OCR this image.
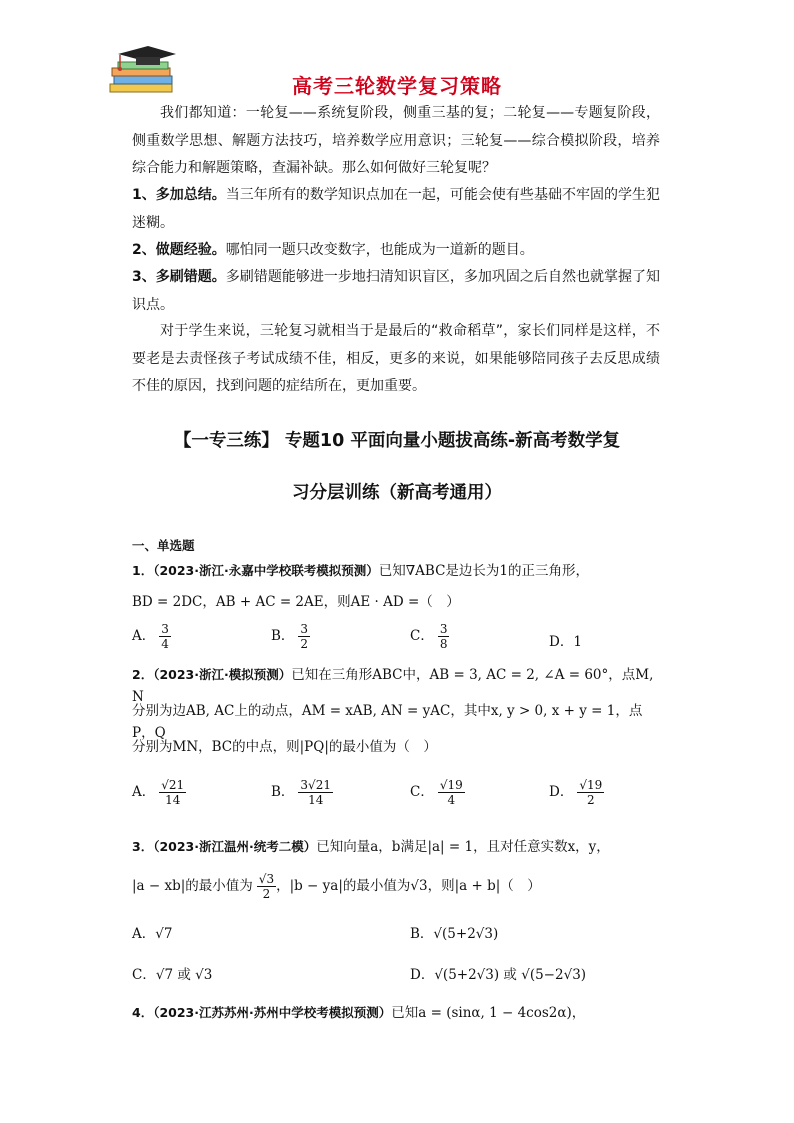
高考三轮数学复习策略
我们都知道：一轮复——系统复阶段，侧重三基的复；二轮复——专题复阶段，侧重数学思想、解题方法技巧，培养数学应用意识；三轮复——综合模拟阶段，培养综合能力和解题策略，查漏补缺。那么如何做好三轮复呢？
1、多加总结。当三年所有的数学知识点加在一起，可能会使有些基础不牢固的学生犯迷糊。
2、做题经验。哪怕同一题只改变数字，也能成为一道新的题目。
3、多刷错题。多刷错题能够进一步地扫清知识盲区，多加巩固之后自然也就掌握了知识点。
对于学生来说，三轮复习就相当于是最后的“救命稻草”，家长们同样是这样，不要老是去责怪孩子考试成绩不佳，相反，更多的来说，如果能够陪同孩子去反思成绩不佳的原因，找到问题的症结所在，更加重要。
【一专三练】 专题10 平面向量小题拔高练-新高考数学复
习分层训练（新高考通用）
一、单选题
1．（2023·浙江·永嘉中学校联考模拟预测）已知∇ABC是边长为1的正三角形，
BD = 2DC，AB + AC = 2AE，则AE · AD =（　）
A． $\frac{3}{4}$	B． $\frac{3}{2}$	C． $\frac{3}{8}$	D．1
2．（2023·浙江·模拟预测）已知在三角形ABC中，AB = 3, AC = 2, ∠A = 60°，点M, N
分别为边AB, AC上的动点，AM = xAB, AN = yAC，其中x, y > 0, x + y = 1，点P，Q
分别为MN，BC的中点，则|PQ|的最小值为（　）
A． $\frac{√21}{14}$	B． $\frac{3√21}{14}$	C． $\frac{√19}{4}$	D． $\frac{√19}{2}$
3．（2023·浙江温州·统考二模）已知向量a，b满足|a| = 1，且对任意实数x，y，
|a − xb|的最小值为 $\frac{√3}{2}$ ，|b − ya|的最小值为√3，则|a + b|（　）
A．√7	B．√(5+2√3)
C．√7 或 √3	D．√(5+2√3) 或 √(5−2√3)
4．（2023·江苏苏州·苏州中学校考模拟预测）已知a = (sinα, 1 − 4cos2α)，
